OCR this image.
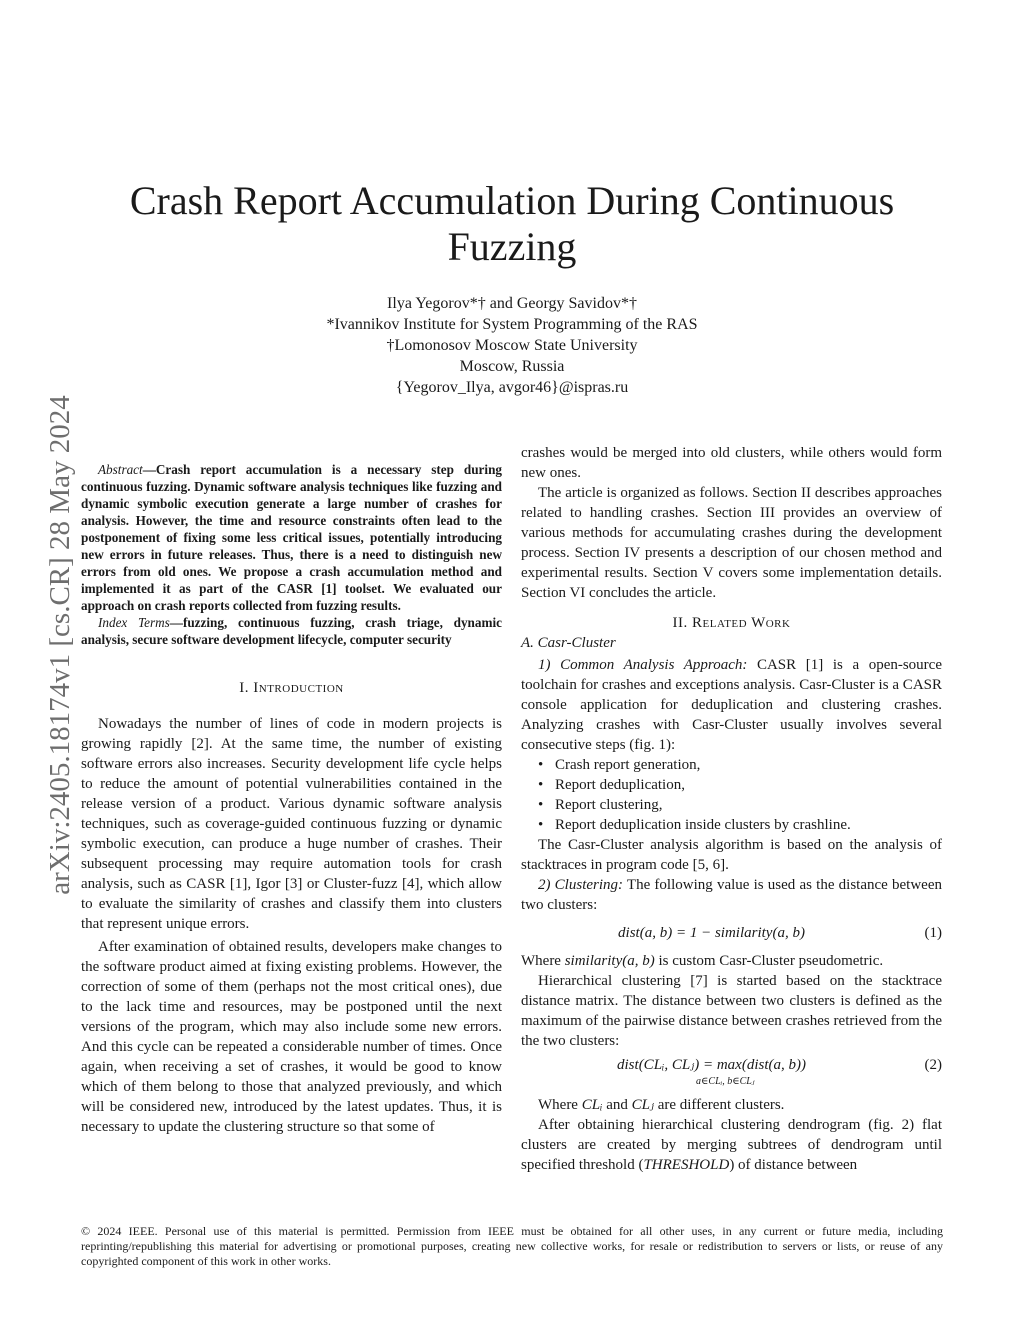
arXiv:2405.18174v1 [cs.CR] 28 May 2024
Crash Report Accumulation During Continuous Fuzzing
Ilya Yegorov*† and Georgy Savidov*†
*Ivannikov Institute for System Programming of the RAS
†Lomonosov Moscow State University
Moscow, Russia
{Yegorov_Ilya, avgor46}@ispras.ru

Abstract—Crash report accumulation is a necessary step during continuous fuzzing. Dynamic software analysis techniques like fuzzing and dynamic symbolic execution generate a large number of crashes for analysis. However, the time and resource constraints often lead to the postponement of fixing some less critical issues, potentially introducing new errors in future releases. Thus, there is a need to distinguish new errors from old ones. We propose a crash accumulation method and implemented it as part of the CASR [1] toolset. We evaluated our approach on crash reports collected from fuzzing results.

Index Terms—fuzzing, continuous fuzzing, crash triage, dynamic analysis, secure software development lifecycle, computer security

I. Introduction

Nowadays the number of lines of code in modern projects is growing rapidly [2]. At the same time, the number of existing software errors also increases. Security development life cycle helps to reduce the amount of potential vulnerabilities contained in the release version of a product. Various dynamic software analysis techniques, such as coverage-guided continuous fuzzing or dynamic symbolic execution, can produce a huge number of crashes. Their subsequent processing may require automation tools for crash analysis, such as CASR [1], Igor [3] or Cluster-fuzz [4], which allow to evaluate the similarity of crashes and classify them into clusters that represent unique errors.

After examination of obtained results, developers make changes to the software product aimed at fixing existing problems. However, the correction of some of them (perhaps not the most critical ones), due to the lack time and resources, may be postponed until the next versions of the program, which may also include some new errors. And this cycle can be repeated a considerable number of times. Once again, when receiving a set of crashes, it would be good to know which of them belong to those that analyzed previously, and which will be considered new, introduced by the latest updates. Thus, it is necessary to update the clustering structure so that some of

crashes would be merged into old clusters, while others would form new ones.

The article is organized as follows. Section II describes approaches related to handling crashes. Section III provides an overview of various methods for accumulating crashes during the development process. Section IV presents a description of our chosen method and experimental results. Section V covers some implementation details. Section VI concludes the article.

II. Related Work
A. Casr-Cluster

1) Common Analysis Approach: CASR [1] is a open-source toolchain for crashes and exceptions analysis. Casr-Cluster is a CASR console application for deduplication and clustering crashes. Analyzing crashes with Casr-Cluster usually involves several consecutive steps (fig. 1):

• Crash report generation,
• Report deduplication,
• Report clustering,
• Report deduplication inside clusters by crashline.

The Casr-Cluster analysis algorithm is based on the analysis of stacktraces in program code [5, 6].

2) Clustering: The following value is used as the distance between two clusters:

dist(a, b) = 1 − similarity(a, b)	(1)

Where similarity(a, b) is custom Casr-Cluster pseudometric.

Hierarchical clustering [7] is started based on the stacktrace distance matrix. The distance between two clusters is defined as the maximum of the pairwise distance between crashes retrieved from the the two clusters:

dist(CLᵢ, CLⱼ) = max(dist(a, b))
a∈CLᵢ, b∈CLⱼ
(2)

Where CLᵢ and CLⱼ are different clusters.

After obtaining hierarchical clustering dendrogram (fig. 2) flat clusters are created by merging subtrees of dendrogram until specified threshold (THRESHOLD) of distance between

© 2024 IEEE. Personal use of this material is permitted. Permission from IEEE must be obtained for all other uses, in any current or future media, including reprinting/republishing this material for advertising or promotional purposes, creating new collective works, for resale or redistribution to servers or lists, or reuse of any copyrighted component of this work in other works.
